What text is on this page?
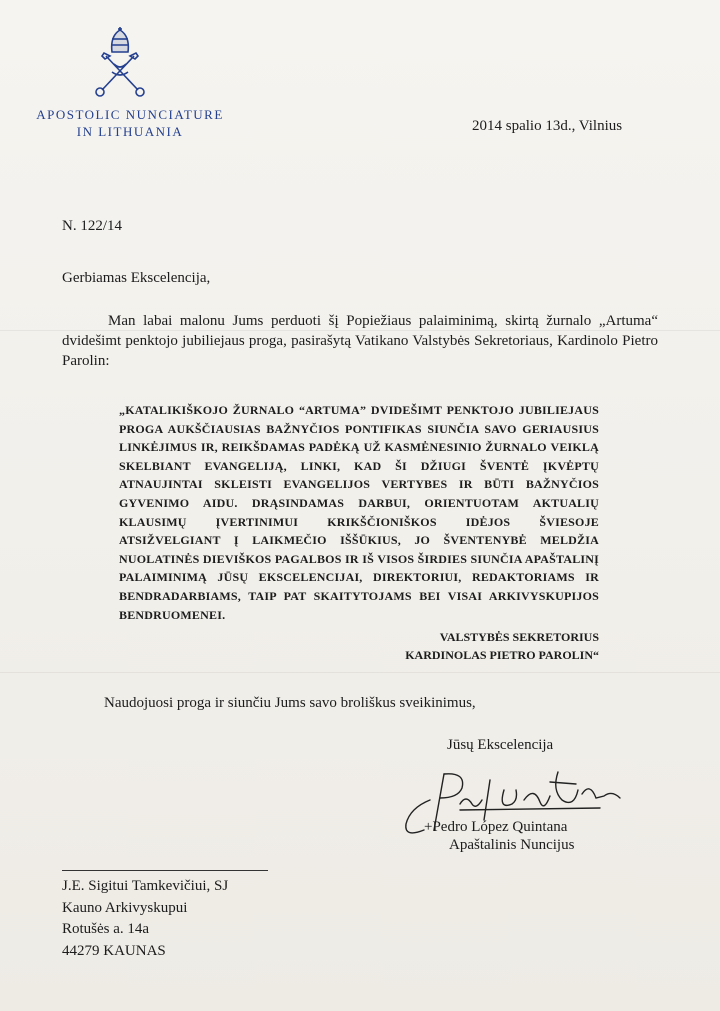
APOSTOLIC NUNCIATURE
IN LITHUANIA	2014 spalio 13d., Vilnius
N. 122/14
Gerbiamas Ekscelencija,
Man labai malonu Jums perduoti šį Popiežiaus palaiminimą, skirtą žurnalo „Artuma“ dvidešimt penktojo jubiliejaus proga, pasirašytą Vatikano Valstybės Sekretoriaus, Kardinolo Pietro Parolin:
„KATALIKIŠKOJO ŽURNALO “ARTUMA” DVIDEŠIMT PENKTOJO JUBILIEJAUS PROGA AUKŠČIAUSIAS BAŽNYČIOS PONTIFIKAS SIUNČIA SAVO GERIAUSIUS LINKĖJIMUS IR, REIKŠDAMAS PADĖKĄ UŽ KASMĖNESINIO ŽURNALO VEIKLĄ SKELBIANT EVANGELIJĄ, LINKI, KAD ŠI DŽIUGI ŠVENTĖ ĮKVĖPTŲ ATNAUJINTAI SKLEISTI EVANGELIJOS VERTYBES IR BŪTI BAŽNYČIOS GYVENIMO AIDU. DRĄSINDAMAS DARBUI, ORIENTUOTAM AKTUALIŲ KLAUSIMŲ ĮVERTINIMUI KRIKŠČIONIŠKOS IDĖJOS ŠVIESOJE ATSIŽVELGIANT Į LAIKMEČIO IŠŠŪKIUS, JO ŠVENTENYBĖ MELDŽIA NUOLATINĖS DIEVIŠKOS PAGALBOS IR IŠ VISOS ŠIRDIES SIUNČIA APAŠTALINĮ PALAIMINIMĄ JŪSŲ EKSCELENCIJAI, DIREKTORIUI, REDAKTORIAMS IR BENDRADARBIAMS, TAIP PAT SKAITYTOJAMS BEI VISAI ARKIVYSKUPIJOS BENDRUOMENEI.
VALSTYBĖS SEKRETORIUS
KARDINOLAS PIETRO PAROLIN“
Naudojuosi proga ir siunčiu Jums savo broliškus sveikinimus,
Jūsų Ekscelencija
+Pedro López Quintana
Apaštalinis Nuncijus
J.E. Sigitui Tamkevičiui, SJ
Kauno Arkivyskupui
Rotušės a. 14a
44279 KAUNAS
